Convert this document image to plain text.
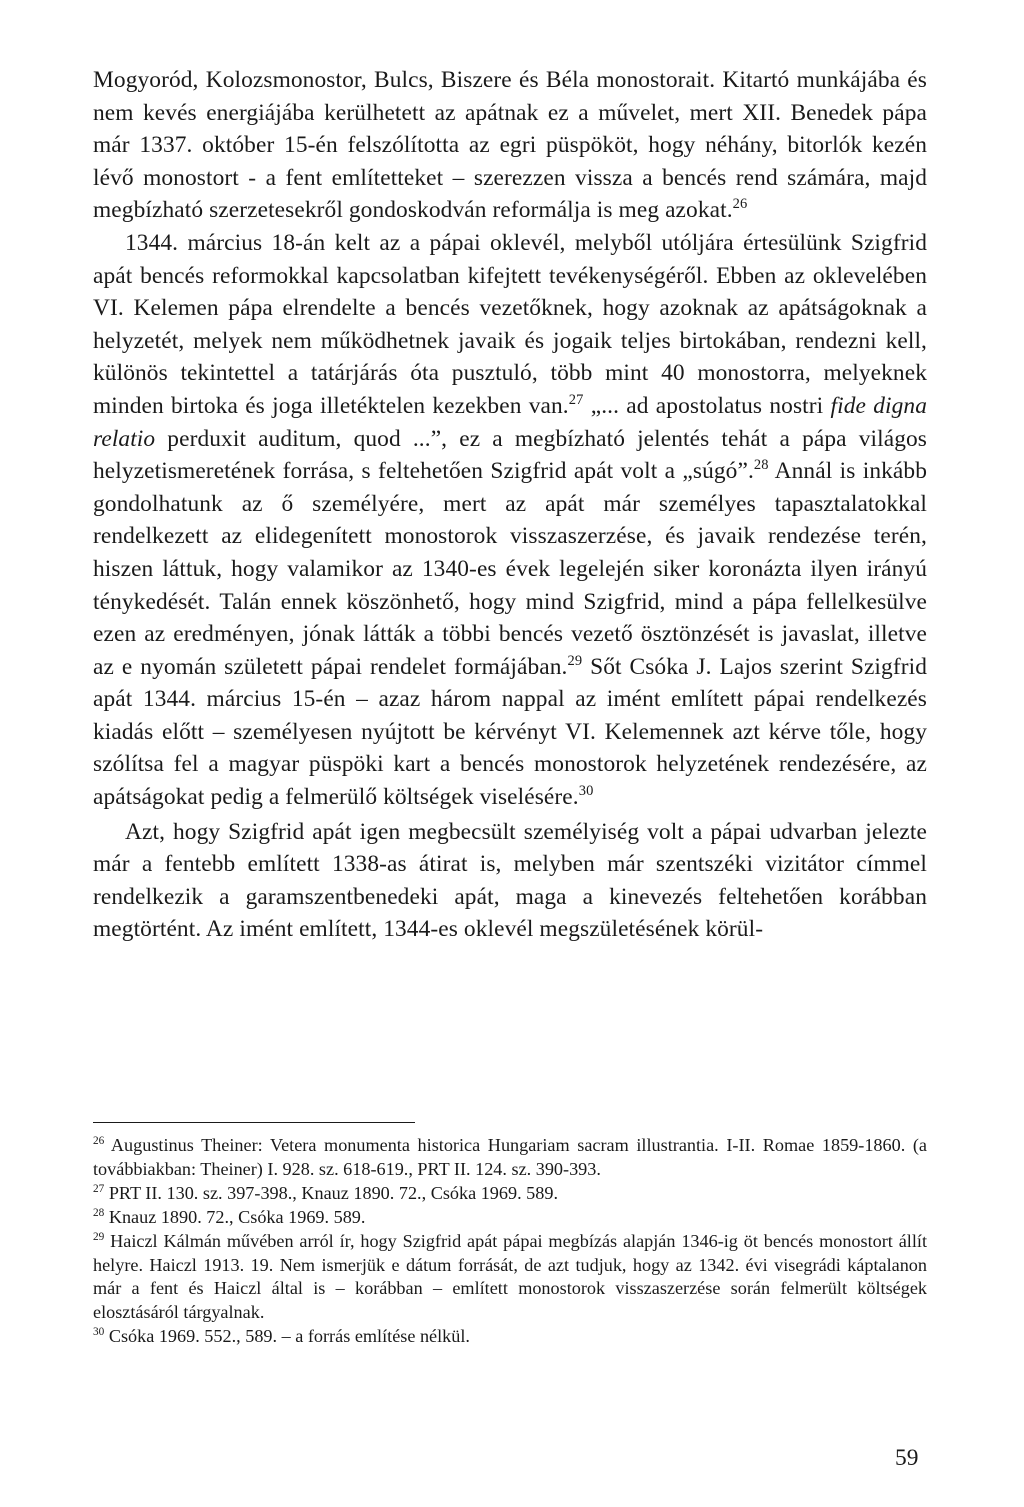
Mogyoród, Kolozsmonostor, Bulcs, Biszere és Béla monostorait. Kitartó munkájába és nem kevés energiájába kerülhetett az apátnak ez a művelet, mert XII. Benedek pápa már 1337. október 15-én felszólította az egri püspököt, hogy néhány, bitorlók kezén lévő monostort - a fent említetteket – szerezzen vissza a bencés rend számára, majd megbízható szerzetesekről gondoskodván reformálja is meg azokat.$^{26}$

1344. március 18-án kelt az a pápai oklevél, melyből utóljára értesülünk Szigfrid apát bencés reformokkal kapcsolatban kifejtett tevékenységéről. Ebben az oklevelében VI. Kelemen pápa elrendelte a bencés vezetőknek, hogy azoknak az apátságoknak a helyzetét, melyek nem működhetnek javaik és jogaik teljes birtokában, rendezni kell, különös tekintettel a tatárjárás óta pusztuló, több mint 40 monostorra, melyeknek minden birtoka és joga illetéktelen kezekben van.$^{27}$ „... ad apostolatus nostri fide digna relatio perduxit auditum, quod ...”, ez a megbízható jelentés tehát a pápa világos helyzetismeretének forrása, s feltehetően Szigfrid apát volt a „súgó”.$^{28}$ Annál is inkább gondolhatunk az ő személyére, mert az apát már személyes tapasztalatokkal rendelkezett az elidegenített monostorok visszaszerzése, és javaik rendezése terén, hiszen láttuk, hogy valamikor az 1340-es évek legelején siker koronázta ilyen irányú ténykedését. Talán ennek köszönhető, hogy mind Szigfrid, mind a pápa fellelkesülve ezen az eredményen, jónak látták a többi bencés vezető ösztönzését is javaslat, illetve az e nyomán született pápai rendelet formájában.$^{29}$ Sőt Csóka J. Lajos szerint Szigfrid apát 1344. március 15-én – azaz három nappal az imént említett pápai rendelkezés kiadás előtt – személyesen nyújtott be kérvényt VI. Kelemennek azt kérve tőle, hogy szólítsa fel a magyar püspöki kart a bencés monostorok helyzetének rendezésére, az apátságokat pedig a felmerülő költségek viselésére.$^{30}$

Azt, hogy Szigfrid apát igen megbecsült személyiség volt a pápai udvarban jelezte már a fentebb említett 1338-as átirat is, melyben már szentszéki vizitátor címmel rendelkezik a garamszentbenedeki apát, maga a kinevezés feltehetően korábban megtörtént. Az imént említett, 1344-es oklevél megszületésének körül-

$^{26}$ Augustinus Theiner: Vetera monumenta historica Hungariam sacram illustrantia. I-II. Romae 1859-1860. (a továbbiakban: Theiner) I. 928. sz. 618-619., PRT II. 124. sz. 390-393.

$^{27}$ PRT II. 130. sz. 397-398., Knauz 1890. 72., Csóka 1969. 589.

$^{28}$ Knauz 1890. 72., Csóka 1969. 589.

$^{29}$ Haiczl Kálmán művében arról ír, hogy Szigfrid apát pápai megbízás alapján 1346-ig öt bencés monostort állít helyre. Haiczl 1913. 19. Nem ismerjük e dátum forrását, de azt tudjuk, hogy az 1342. évi visegrádi káptalanon már a fent és Haiczl által is – korábban – említett monostorok visszaszerzése során felmerült költségek elosztásáról tárgyalnak.

$^{30}$ Csóka 1969. 552., 589. – a forrás említése nélkül.

59
